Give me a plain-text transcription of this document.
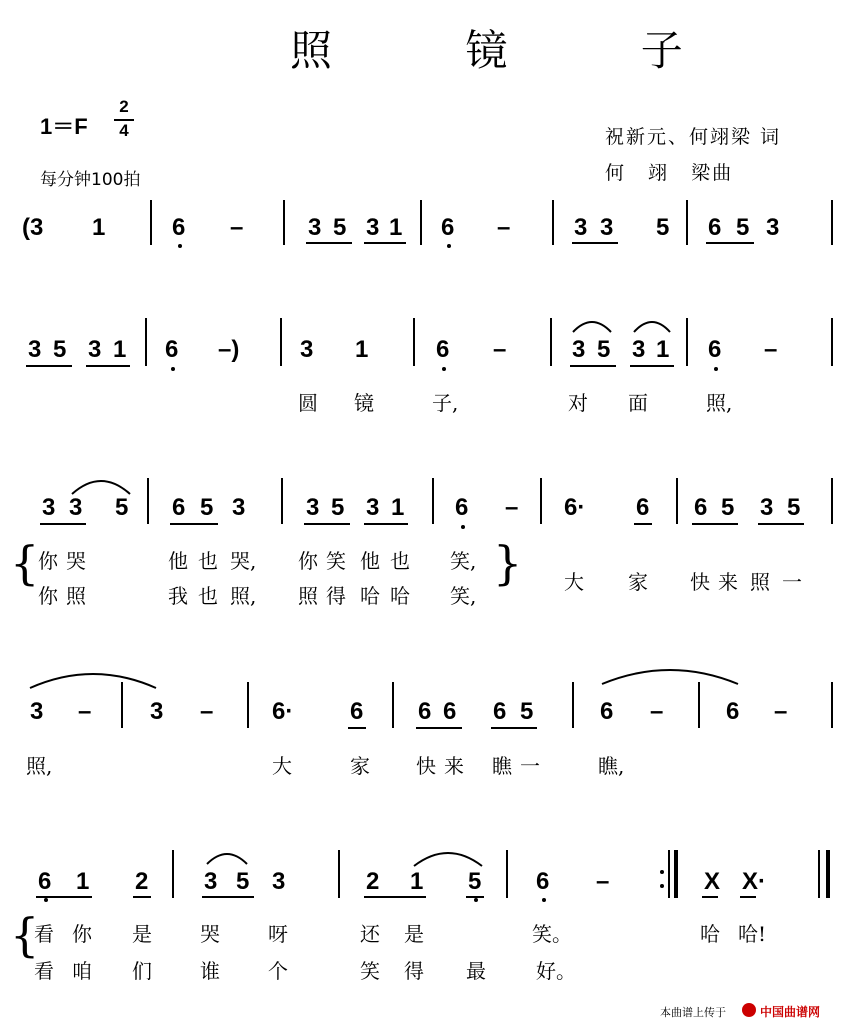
照 镜 子
1＝F
2
4
每分钟100拍
祝新元、何翊梁 词
何 翊 梁曲
(3 1	6 –	3 5 3 1 6 –	3 3 5 6 5 3
3 5 3 1 6 –)	3 1	6 –	3 5 3 1 6 –
圆 镜	子,	对 面	照,
3 3 5 6 5 3	3 5 3 1 6 – 6· 6 6 5 3 5
{
你 哭	他 也 哭, 你 笑 他 也 笑,
你 照	我 也 照, 照 得 哈 哈 笑,
} 大 家 快 来 照 一
3 – 3 – 6· 6 6 6 6 5	6 –	6 –
照,	大	家 快 来 瞧 一	瞧,
6 1 2 3 5 3	2 1 5 6 –	X X·
{
看 你 是 哭 呀	还 是	笑。	哈 哈!
看 咱 们 谁 个	笑 得 最	好。
本曲谱上传于	中国曲谱网
